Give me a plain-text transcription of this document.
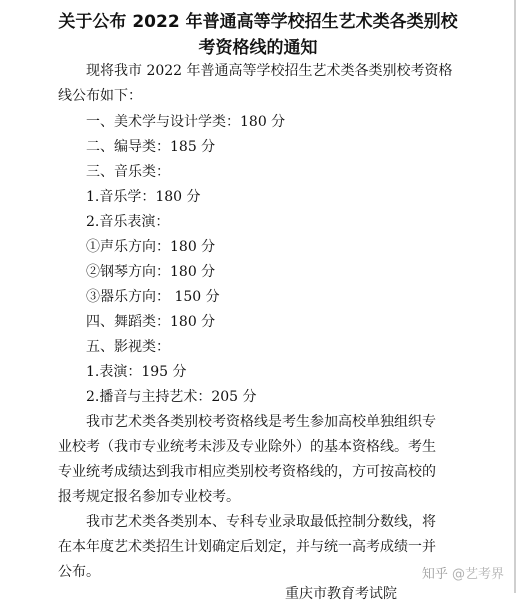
关于公布 2022 年普通高等学校招生艺术类各类别校
考资格线的通知

现将我市 2022 年普通高等学校招生艺术类各类别校考资格

线公布如下：

一、美术学与设计学类：180 分

二、编导类：185 分

三、音乐类：

1.音乐学：180 分

2.音乐表演：

①声乐方向：180 分

②钢琴方向：180 分

③器乐方向： 150 分

四、舞蹈类：180 分

五、影视类：

1.表演：195 分

2.播音与主持艺术：205 分

我市艺术类各类别校考资格线是考生参加高校单独组织专

业校考（我市专业统考未涉及专业除外）的基本资格线。考生

专业统考成绩达到我市相应类别校考资格线的，方可按高校的

报考规定报名参加专业校考。

我市艺术类各类别本、专科专业录取最低控制分数线，将

在本年度艺术类招生计划确定后划定，并与统一高考成绩一并

公布。

重庆市教育考试院

知乎 @艺考界
